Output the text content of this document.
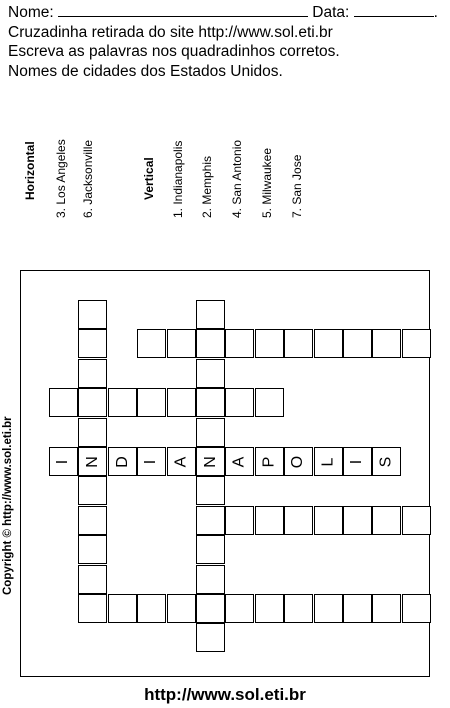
Nome:	Data:	.
Cruzadinha retirada do site http://www.sol.eti.br
Escreva as palavras nos quadradinhos corretos.
Nomes de cidades dos Estados Unidos.
Horizontal 3. Los Angeles 6. Jacksonville	Vertical 1. Indianapolis 2. Memphis 4. San Antonio 5. Milwaukee 7. San Jose
N	N
I	D I A	A P O L I S
Copyright © http://www.sol.eti.br
http://www.sol.eti.br
